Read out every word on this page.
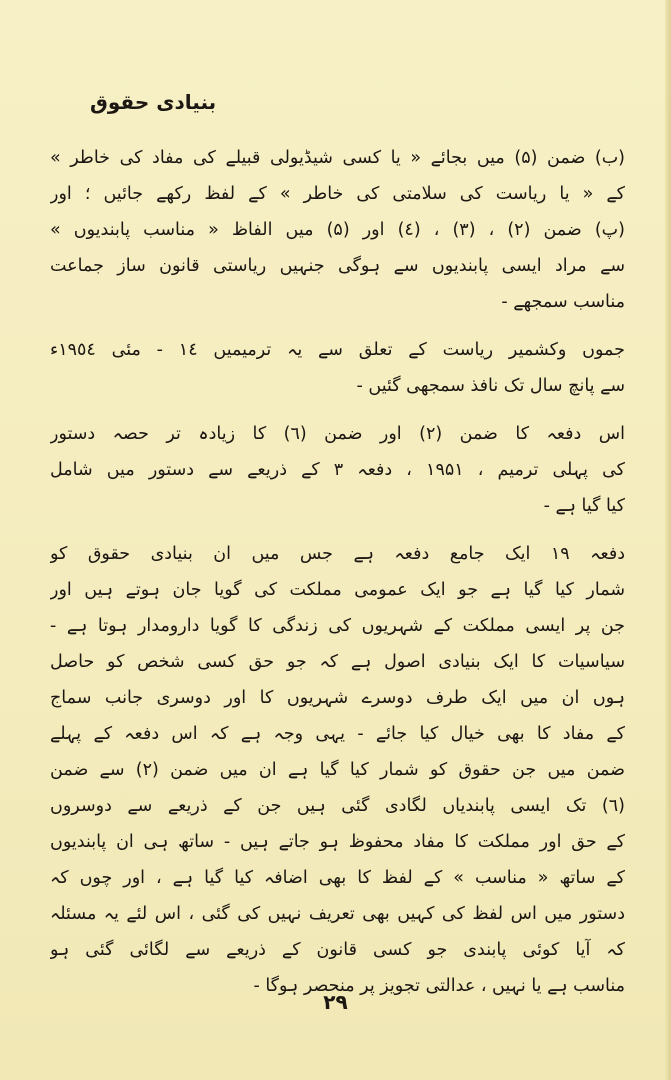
بنیادی حقوق
(ب) ضمن (۵) میں بجائے « یا کسی شیڈیولی قبیلے کی مفاد کی خاطر »
کے « یا ریاست کی سلامتی کی خاطر » کے لفظ رکھے جائیں ؛ اور
(پ) ضمن (۲) ، (۳) ، (٤) اور (۵) میں الفاظ « مناسب پابندیوں »
سے مراد ایسی پابندیوں سے ہوگی جنہیں ریاستی قانون ساز جماعت
مناسب سمجھے -
جموں وکشمیر ریاست کے تعلق سے یہ ترمیمیں ١٤ - مئی ١٩٥٤ء
سے پانچ سال تک نافذ سمجھی گئیں -
اس دفعہ کا ضمن (۲) اور ضمن (٦) کا زیادہ تر حصہ دستور
کی پہلی ترمیم ، ۱۹۵۱ ، دفعہ ۳ کے ذریعے سے دستور میں شامل
کیا گیا ہے -
دفعہ ۱۹ ایک جامع دفعہ ہے جس میں ان بنیادی حقوق کو
شمار کیا گیا ہے جو ایک عمومی مملکت کی گویا جان ہوتے ہیں اور
جن پر ایسی مملکت کے شہریوں کی زندگی کا گویا دارومدار ہوتا ہے -
سیاسیات کا ایک بنیادی اصول ہے کہ جو حق کسی شخص کو حاصل
ہوں ان میں ایک طرف دوسرے شہریوں کا اور دوسری جانب سماج
کے مفاد کا بھی خیال کیا جائے - یہی وجہ ہے کہ اس دفعہ کے پہلے
ضمن میں جن حقوق کو شمار کیا گیا ہے ان میں ضمن (۲) سے ضمن
(٦) تک ایسی پابندیاں لگادی گئی ہیں جن کے ذریعے سے دوسروں
کے حق اور مملکت کا مفاد محفوظ ہو جاتے ہیں - ساتھ ہی ان پابندیوں
کے ساتھ « مناسب » کے لفظ کا بھی اضافہ کیا گیا ہے ، اور چوں کہ
دستور میں اس لفظ کی کہیں بھی تعریف نہیں کی گئی ، اس لئے یہ مسئلہ
کہ آیا کوئی پابندی جو کسی قانون کے ذریعے سے لگائی گئی ہو
مناسب ہے یا نہیں ، عدالتی تجویز پر منحصر ہوگا -
۲۹
